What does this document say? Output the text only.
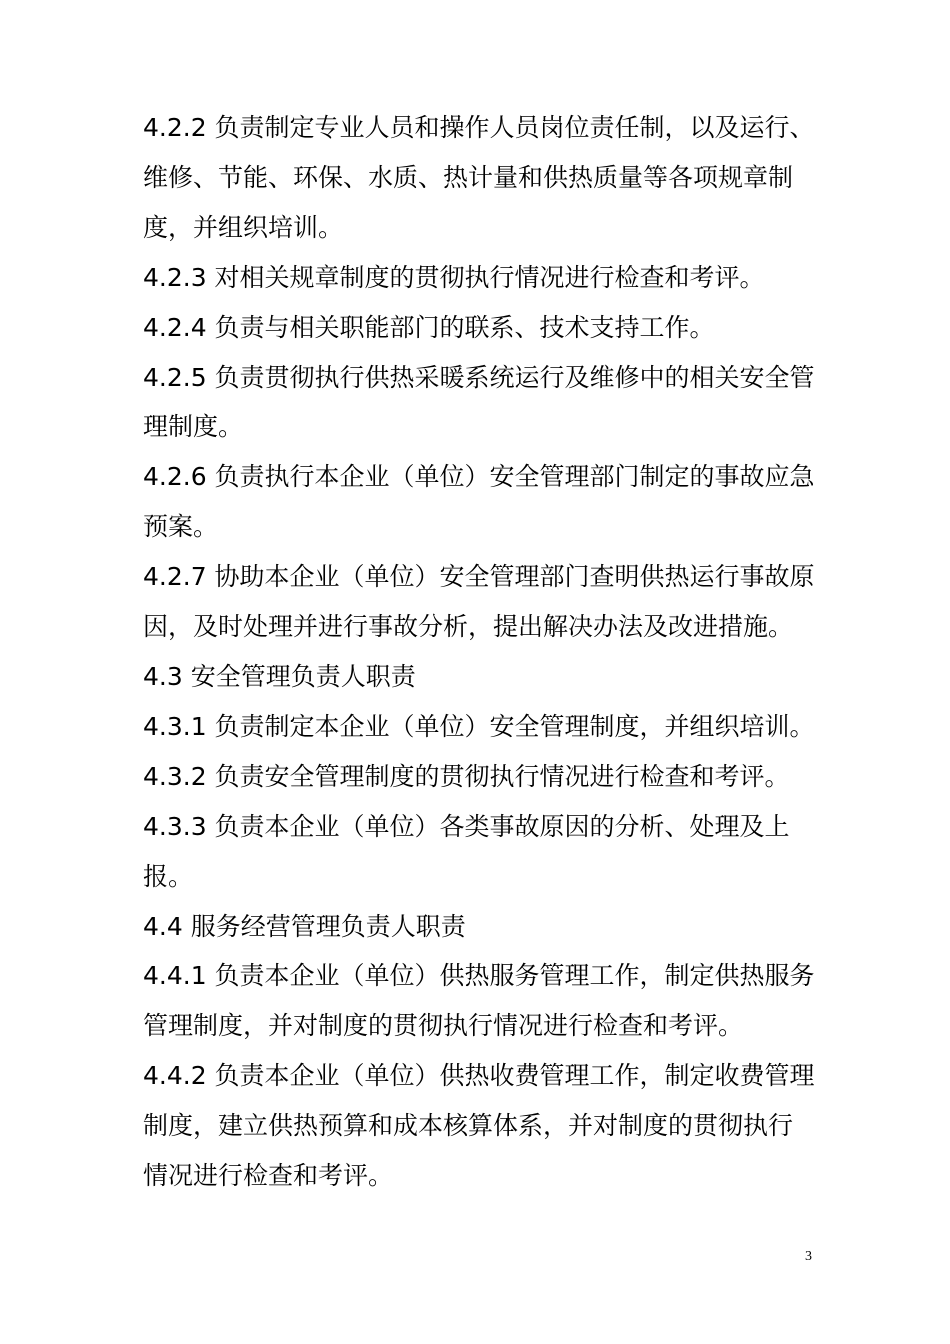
4.2.2 负责制定专业人员和操作人员岗位责任制，以及运行、维修、节能、环保、水质、热计量和供热质量等各项规章制度，并组织培训。

4.2.3 对相关规章制度的贯彻执行情况进行检查和考评。

4.2.4 负责与相关职能部门的联系、技术支持工作。

4.2.5 负责贯彻执行供热采暖系统运行及维修中的相关安全管理制度。

4.2.6 负责执行本企业（单位）安全管理部门制定的事故应急预案。

4.2.7 协助本企业（单位）安全管理部门查明供热运行事故原因，及时处理并进行事故分析，提出解决办法及改进措施。

4.3 安全管理负责人职责

4.3.1 负责制定本企业（单位）安全管理制度，并组织培训。

4.3.2 负责安全管理制度的贯彻执行情况进行检查和考评。

4.3.3 负责本企业（单位）各类事故原因的分析、处理及上报。

4.4 服务经营管理负责人职责

4.4.1 负责本企业（单位）供热服务管理工作，制定供热服务管理制度，并对制度的贯彻执行情况进行检查和考评。

4.4.2 负责本企业（单位）供热收费管理工作，制定收费管理制度，建立供热预算和成本核算体系，并对制度的贯彻执行情况进行检查和考评。

3
